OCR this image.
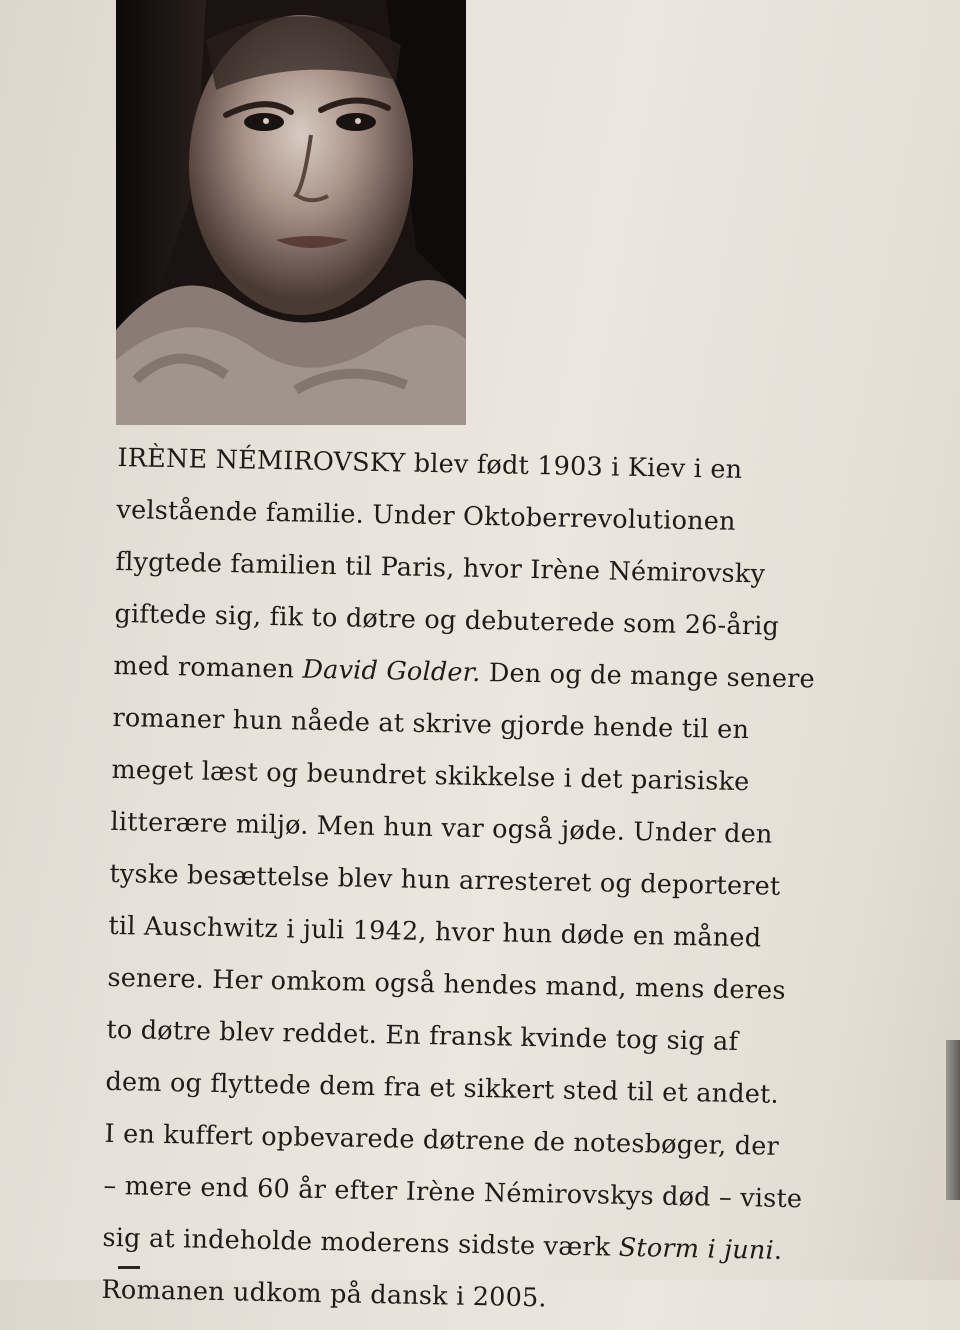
IRÈNE NÉMIROVSKY blev født 1903 i Kiev i en
velstående familie. Under Oktoberrevolutionen
flygtede familien til Paris, hvor Irène Némirovsky
giftede sig, fik to døtre og debuterede som 26-årig
med romanen David Golder. Den og de mange senere
romaner hun nåede at skrive gjorde hende til en
meget læst og beundret skikkelse i det parisiske
litterære miljø. Men hun var også jøde. Under den
tyske besættelse blev hun arresteret og deporteret
til Auschwitz i juli 1942, hvor hun døde en måned
senere. Her omkom også hendes mand, mens deres
to døtre blev reddet. En fransk kvinde tog sig af
dem og flyttede dem fra et sikkert sted til et andet.
I en kuffert opbevarede døtrene de notesbøger, der
– mere end 60 år efter Irène Némirovskys død – viste
sig at indeholde moderens sidste værk Storm i juni.
Romanen udkom på dansk i 2005.
